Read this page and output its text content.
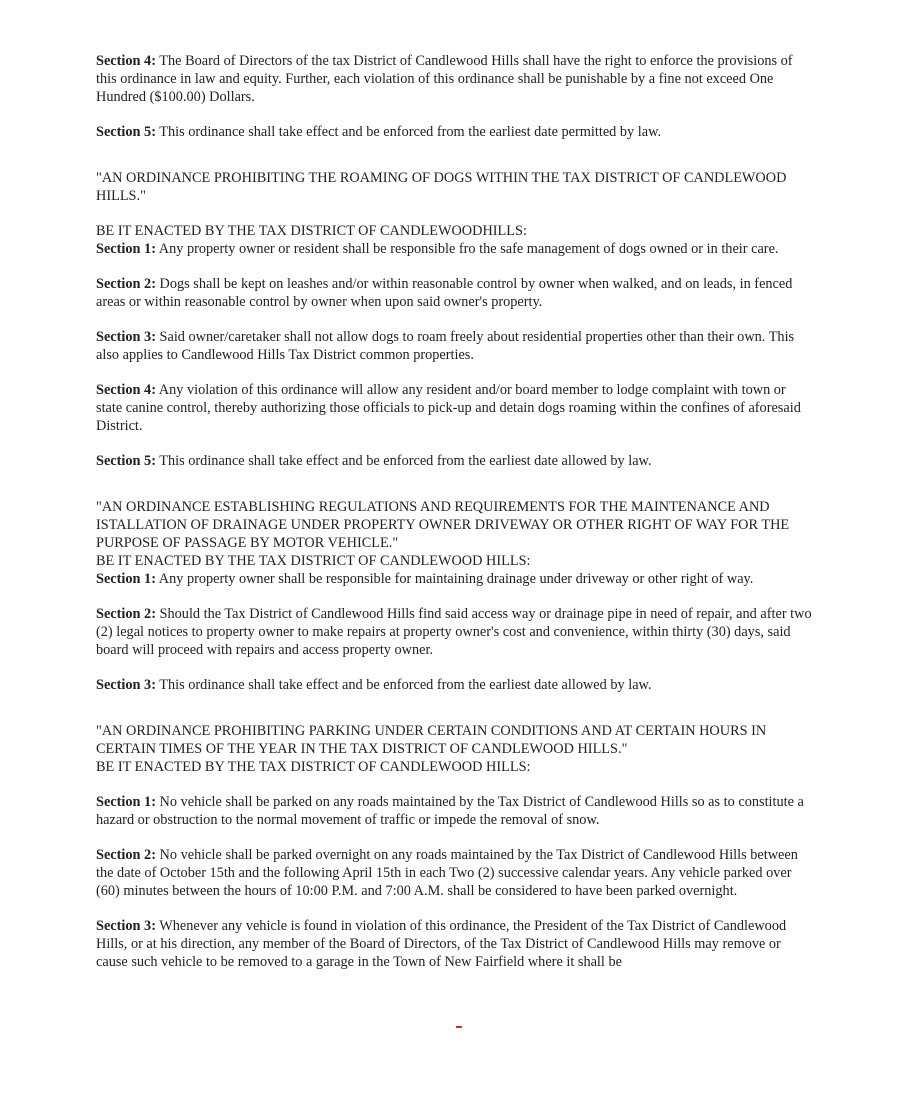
Section 4: The Board of Directors of the tax District of Candlewood Hills shall have the right to enforce the provisions of this ordinance in law and equity. Further, each violation of this ordinance shall be punishable by a fine not exceed One Hundred ($100.00) Dollars.

Section 5: This ordinance shall take effect and be enforced from the earliest date permitted by law.

"AN ORDINANCE PROHIBITING THE ROAMING OF DOGS WITHIN THE TAX DISTRICT OF CANDLEWOOD HILLS."

BE IT ENACTED BY THE TAX DISTRICT OF CANDLEWOODHILLS:

Section 1: Any property owner or resident shall be responsible fro the safe management of dogs owned or in their care.

Section 2: Dogs shall be kept on leashes and/or within reasonable control by owner when walked, and on leads, in fenced areas or within reasonable control by owner when upon said owner's property.

Section 3: Said owner/caretaker shall not allow dogs to roam freely about residential properties other than their own. This also applies to Candlewood Hills Tax District common properties.

Section 4: Any violation of this ordinance will allow any resident and/or board member to lodge complaint with town or state canine control, thereby authorizing those officials to pick-up and detain dogs roaming within the confines of aforesaid District.

Section 5: This ordinance shall take effect and be enforced from the earliest date allowed by law.

"AN ORDINANCE ESTABLISHING REGULATIONS AND REQUIREMENTS FOR THE MAINTENANCE AND ISTALLATION OF DRAINAGE UNDER PROPERTY OWNER DRIVEWAY OR OTHER RIGHT OF WAY FOR THE PURPOSE OF PASSAGE BY MOTOR VEHICLE."

BE IT ENACTED BY THE TAX DISTRICT OF CANDLEWOOD HILLS:

Section 1: Any property owner shall be responsible for maintaining drainage under driveway or other right of way.

Section 2: Should the Tax District of Candlewood Hills find said access way or drainage pipe in need of repair, and after two (2) legal notices to property owner to make repairs at property owner's cost and convenience, within thirty (30) days, said board will proceed with repairs and access property owner.

Section 3: This ordinance shall take effect and be enforced from the earliest date allowed by law.

"AN ORDINANCE PROHIBITING PARKING UNDER CERTAIN CONDITIONS AND AT CERTAIN HOURS IN CERTAIN TIMES OF THE YEAR IN THE TAX DISTRICT OF CANDLEWOOD HILLS."

BE IT ENACTED BY THE TAX DISTRICT OF CANDLEWOOD HILLS:

Section 1: No vehicle shall be parked on any roads maintained by the Tax District of Candlewood Hills so as to constitute a hazard or obstruction to the normal movement of traffic or impede the removal of snow.

Section 2: No vehicle shall be parked overnight on any roads maintained by the Tax District of Candlewood Hills between the date of October 15th and the following April 15th in each Two (2) successive calendar years. Any vehicle parked over (60) minutes between the hours of 10:00 P.M. and 7:00 A.M. shall be considered to have been parked overnight.

Section 3: Whenever any vehicle is found in violation of this ordinance, the President of the Tax District of Candlewood Hills, or at his direction, any member of the Board of Directors, of the Tax District of Candlewood Hills may remove or cause such vehicle to be removed to a garage in the Town of New Fairfield where it shall be
